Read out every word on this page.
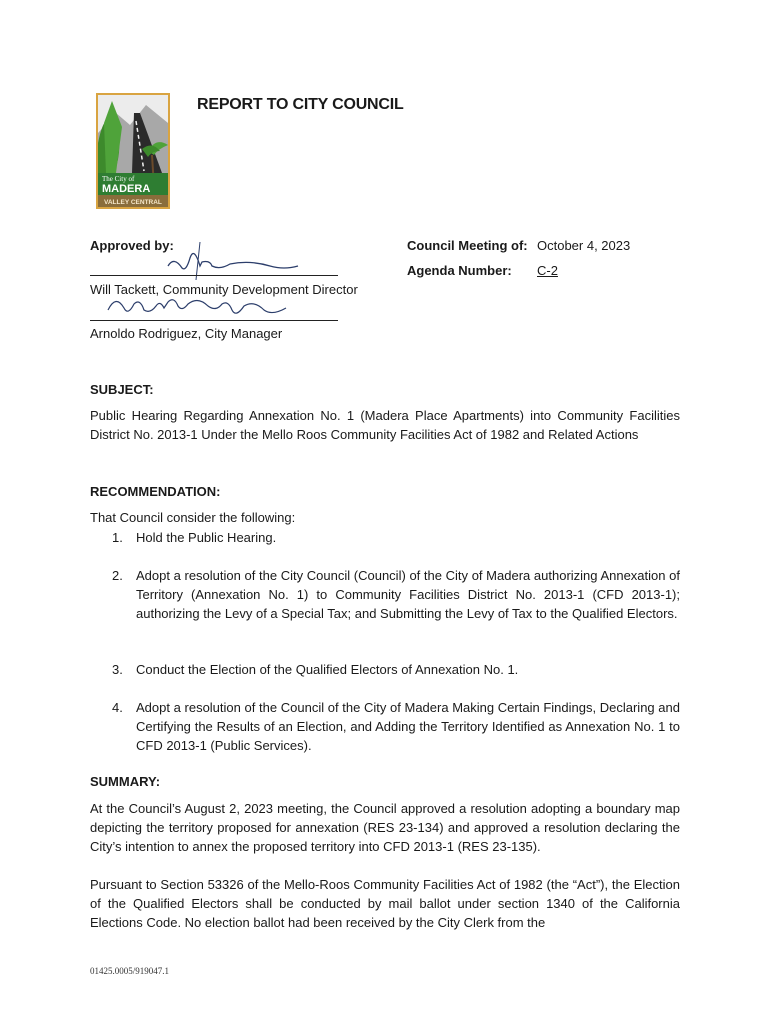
The City of
MADERA
VALLEY CENTRAL
REPORT TO CITY COUNCIL
Approved by:
Will Tackett, Community Development Director
Arnoldo Rodriguez, City Manager
Council Meeting of: October 4, 2023
Agenda Number: C-2
SUBJECT:
Public Hearing Regarding Annexation No. 1 (Madera Place Apartments) into Community Facilities District No. 2013-1 Under the Mello Roos Community Facilities Act of 1982 and Related Actions
RECOMMENDATION:
That Council consider the following:
1. Hold the Public Hearing.
2. Adopt a resolution of the City Council (Council) of the City of Madera authorizing Annexation of Territory (Annexation No. 1) to Community Facilities District No. 2013-1 (CFD 2013-1); authorizing the Levy of a Special Tax; and Submitting the Levy of Tax to the Qualified Electors.
3. Conduct the Election of the Qualified Electors of Annexation No. 1.
4. Adopt a resolution of the Council of the City of Madera Making Certain Findings, Declaring and Certifying the Results of an Election, and Adding the Territory Identified as Annexation No. 1 to CFD 2013-1 (Public Services).
SUMMARY:
At the Council’s August 2, 2023 meeting, the Council approved a resolution adopting a boundary map depicting the territory proposed for annexation (RES 23-134) and approved a resolution declaring the City’s intention to annex the proposed territory into CFD 2013-1 (RES 23-135).
Pursuant to Section 53326 of the Mello-Roos Community Facilities Act of 1982 (the “Act”), the Election of the Qualified Electors shall be conducted by mail ballot under section 1340 of the California Elections Code. No election ballot had been received by the City Clerk from the
01425.0005/919047.1
